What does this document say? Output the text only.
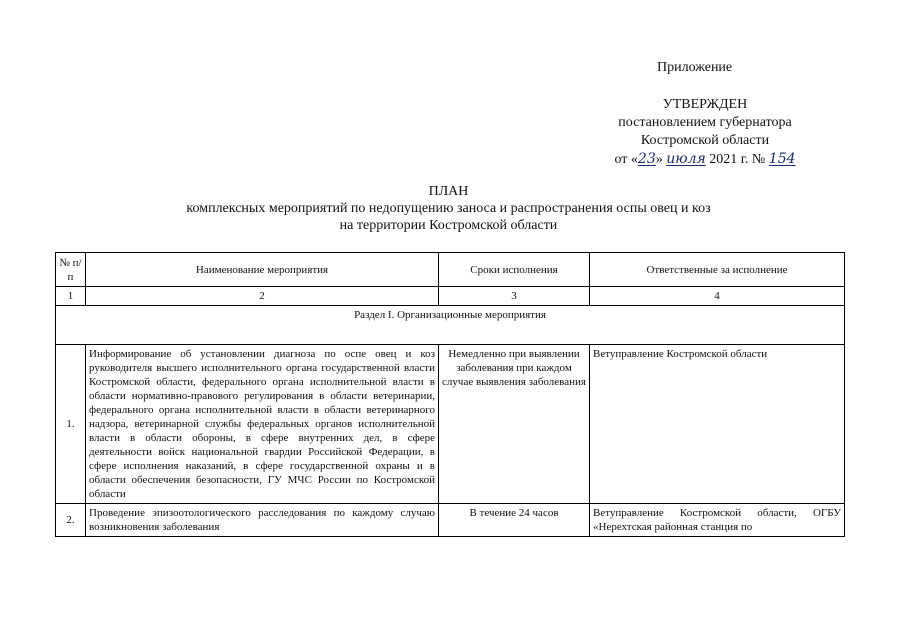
Приложение
УТВЕРЖДЕН
постановлением губернатора
Костромской области
от «23» июля 2021 г. № 154
ПЛАН
комплексных мероприятий по недопущению заноса и распространения оспы овец и коз
на территории Костромской области
№ п/п	Наименование мероприятия	Сроки исполнения	Ответственные за исполнение
1	2	3	4
Раздел I. Организационные мероприятия			
1.	Информирование об установлении диагноза по оспе овец и коз руководителя высшего исполнительного органа государственной власти Костромской области, федерального органа исполнительной власти в области нормативно-правового регулирования в области ветеринарии, федерального органа исполнительной власти в области ветеринарного надзора, ветеринарной службы федеральных органов исполнительной власти в области обороны, в сфере внутренних дел, в сфере деятельности войск национальной гвардии Российской Федерации, в сфере исполнения наказаний, в сфере государственной охраны и в области обеспечения безопасности, ГУ МЧС России по Костромской области	Немедленно при выявлении заболевания при каждом случае выявления заболевания	Ветуправление Костромской области
2.	Проведение эпизоотологического расследования по каждому случаю возникновения заболевания	В течение 24 часов	Ветуправление Костромской области, ОГБУ «Нерехтская районная станция по
